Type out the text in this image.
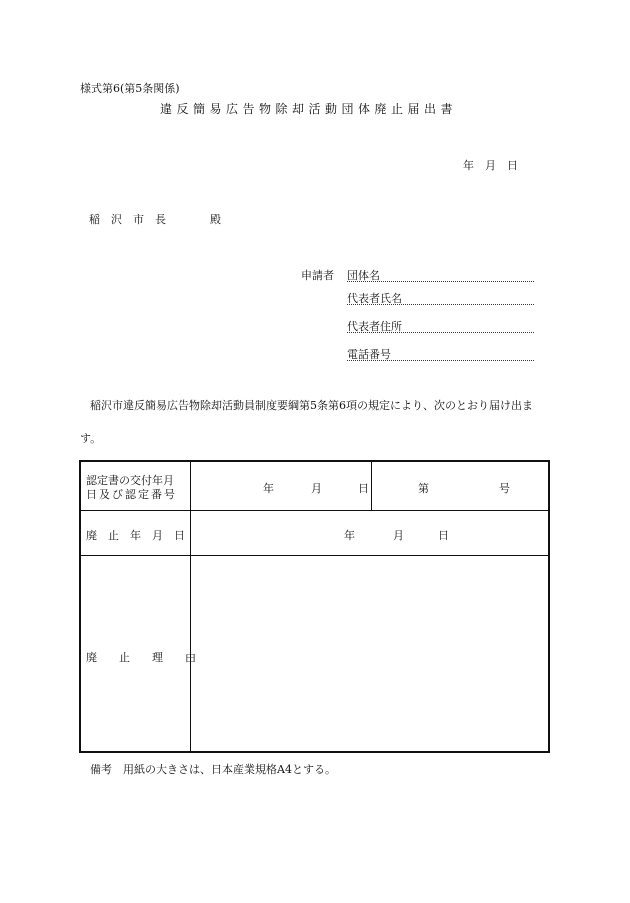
様式第6(第5条関係)
違反簡易広告物除却活動団体廃止届出書
年　月　日
稲　沢　市　長　　　　殿
申請者 団体名
代表者氏名
代表者住所
電話番号
稲沢市違反簡易広告物除却活動員制度要綱第5条第6項の規定により、次のとおり届け出ます。
認定書の交付年月
日及び認定番号	年	月	日	第	号
廃　止　年　月　日	年	月	日
廃　　止　　理　　由
備考　用紙の大きさは、日本産業規格A4とする。
